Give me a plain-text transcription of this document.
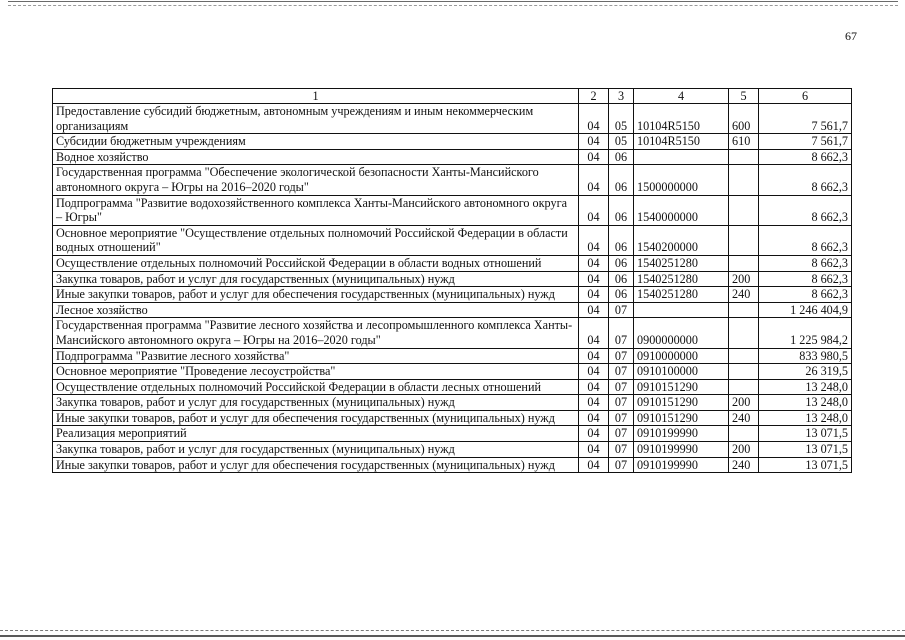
67
1	2	3	4	5	6
Предоставление субсидий бюджетным, автономным учреждениям и иным некоммерческим организациям	04	05	10104R5150	600	7 561,7
Субсидии бюджетным учреждениям	04	05	10104R5150	610	7 561,7
Водное хозяйство	04	06			8 662,3
Государственная программа "Обеспечение экологической безопасности Ханты-Мансийского автономного округа – Югры на 2016–2020 годы"	04	06	1500000000		8 662,3
Подпрограмма "Развитие водохозяйственного комплекса Ханты-Мансийского автономного округа – Югры"	04	06	1540000000		8 662,3
Основное мероприятие "Осуществление отдельных полномочий Российской Федерации в области водных отношений"	04	06	1540200000		8 662,3
Осуществление отдельных полномочий Российской Федерации в области водных отношений	04	06	1540251280		8 662,3
Закупка товаров, работ и услуг для государственных (муниципальных) нужд	04	06	1540251280	200	8 662,3
Иные закупки товаров, работ и услуг для обеспечения государственных (муниципальных) нужд	04	06	1540251280	240	8 662,3
Лесное хозяйство	04	07			1 246 404,9
Государственная программа "Развитие лесного хозяйства и лесопромышленного комплекса Ханты-Мансийского автономного округа – Югры на 2016–2020 годы"	04	07	0900000000		1 225 984,2
Подпрограмма "Развитие лесного хозяйства"	04	07	0910000000		833 980,5
Основное мероприятие "Проведение лесоустройства"	04	07	0910100000		26 319,5
Осуществление отдельных полномочий Российской Федерации в области лесных отношений	04	07	0910151290		13 248,0
Закупка товаров, работ и услуг для государственных (муниципальных) нужд	04	07	0910151290	200	13 248,0
Иные закупки товаров, работ и услуг для обеспечения государственных (муниципальных) нужд	04	07	0910151290	240	13 248,0
Реализация мероприятий	04	07	0910199990		13 071,5
Закупка товаров, работ и услуг для государственных (муниципальных) нужд	04	07	0910199990	200	13 071,5
Иные закупки товаров, работ и услуг для обеспечения государственных (муниципальных) нужд	04	07	0910199990	240	13 071,5
